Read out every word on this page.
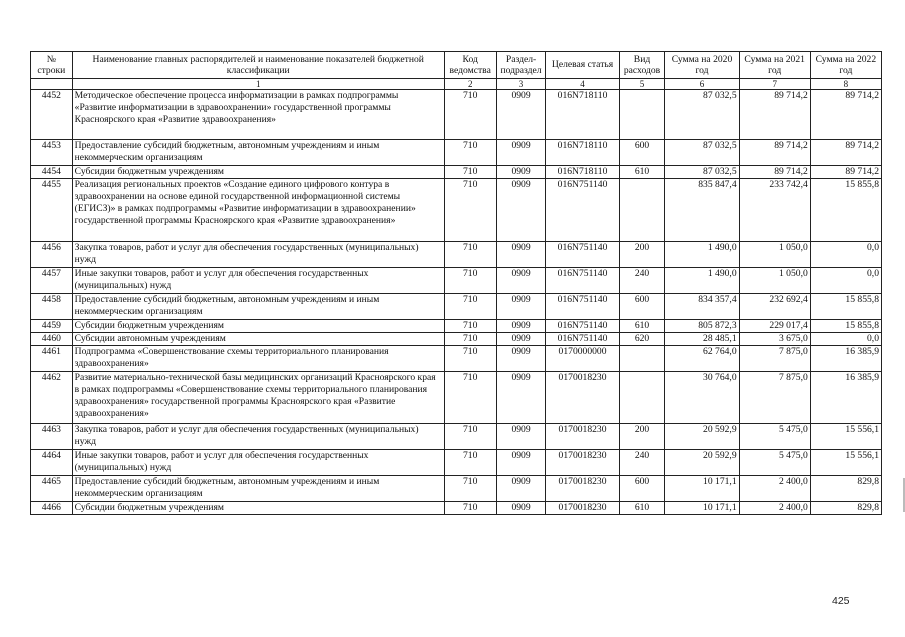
№ строки	Наименование главных распорядителей и наименование показателей бюджетной классификации	Код ведомства	Раздел-подраздел	Целевая статья	Вид расходов	Сумма на 2020 год	Сумма на 2021 год	Сумма на 2022 год
	1	2	3	4	5	6	7	8
4452	Методическое обеспечение процесса информатизации в рамках подпрограммы «Развитие информатизации в здравоохранении» государственной программы Красноярского края «Развитие здравоохранения»	710	0909	016N718110		87 032,5	89 714,2	89 714,2
4453	Предоставление субсидий бюджетным, автономным учреждениям и иным некоммерческим организациям	710	0909	016N718110	600	87 032,5	89 714,2	89 714,2
4454	Субсидии бюджетным учреждениям	710	0909	016N718110	610	87 032,5	89 714,2	89 714,2
4455	Реализация региональных проектов «Создание единого цифрового контура в здравоохранении на основе единой государственной информационной системы (ЕГИСЗ)» в рамках подпрограммы «Развитие информатизации в здравоохранении» государственной программы Красноярского края «Развитие здравоохранения»	710	0909	016N751140		835 847,4	233 742,4	15 855,8
4456	Закупка товаров, работ и услуг для обеспечения государственных (муниципальных) нужд	710	0909	016N751140	200	1 490,0	1 050,0	0,0
4457	Иные закупки товаров, работ и услуг для обеспечения государственных (муниципальных) нужд	710	0909	016N751140	240	1 490,0	1 050,0	0,0
4458	Предоставление субсидий бюджетным, автономным учреждениям и иным некоммерческим организациям	710	0909	016N751140	600	834 357,4	232 692,4	15 855,8
4459	Субсидии бюджетным учреждениям	710	0909	016N751140	610	805 872,3	229 017,4	15 855,8
4460	Субсидии автономным учреждениям	710	0909	016N751140	620	28 485,1	3 675,0	0,0
4461	Подпрограмма «Совершенствование схемы территориального планирования здравоохранения»	710	0909	0170000000		62 764,0	7 875,0	16 385,9
4462	Развитие материально-технической базы медицинских организаций Красноярского края в рамках подпрограммы «Совершенствование схемы территориального планирования здравоохранения» государственной программы Красноярского края «Развитие здравоохранения»	710	0909	0170018230		30 764,0	7 875,0	16 385,9
4463	Закупка товаров, работ и услуг для обеспечения государственных (муниципальных) нужд	710	0909	0170018230	200	20 592,9	5 475,0	15 556,1
4464	Иные закупки товаров, работ и услуг для обеспечения государственных (муниципальных) нужд	710	0909	0170018230	240	20 592,9	5 475,0	15 556,1
4465	Предоставление субсидий бюджетным, автономным учреждениям и иным некоммерческим организациям	710	0909	0170018230	600	10 171,1	2 400,0	829,8
4466	Субсидии бюджетным учреждениям	710	0909	0170018230	610	10 171,1	2 400,0	829,8
425
